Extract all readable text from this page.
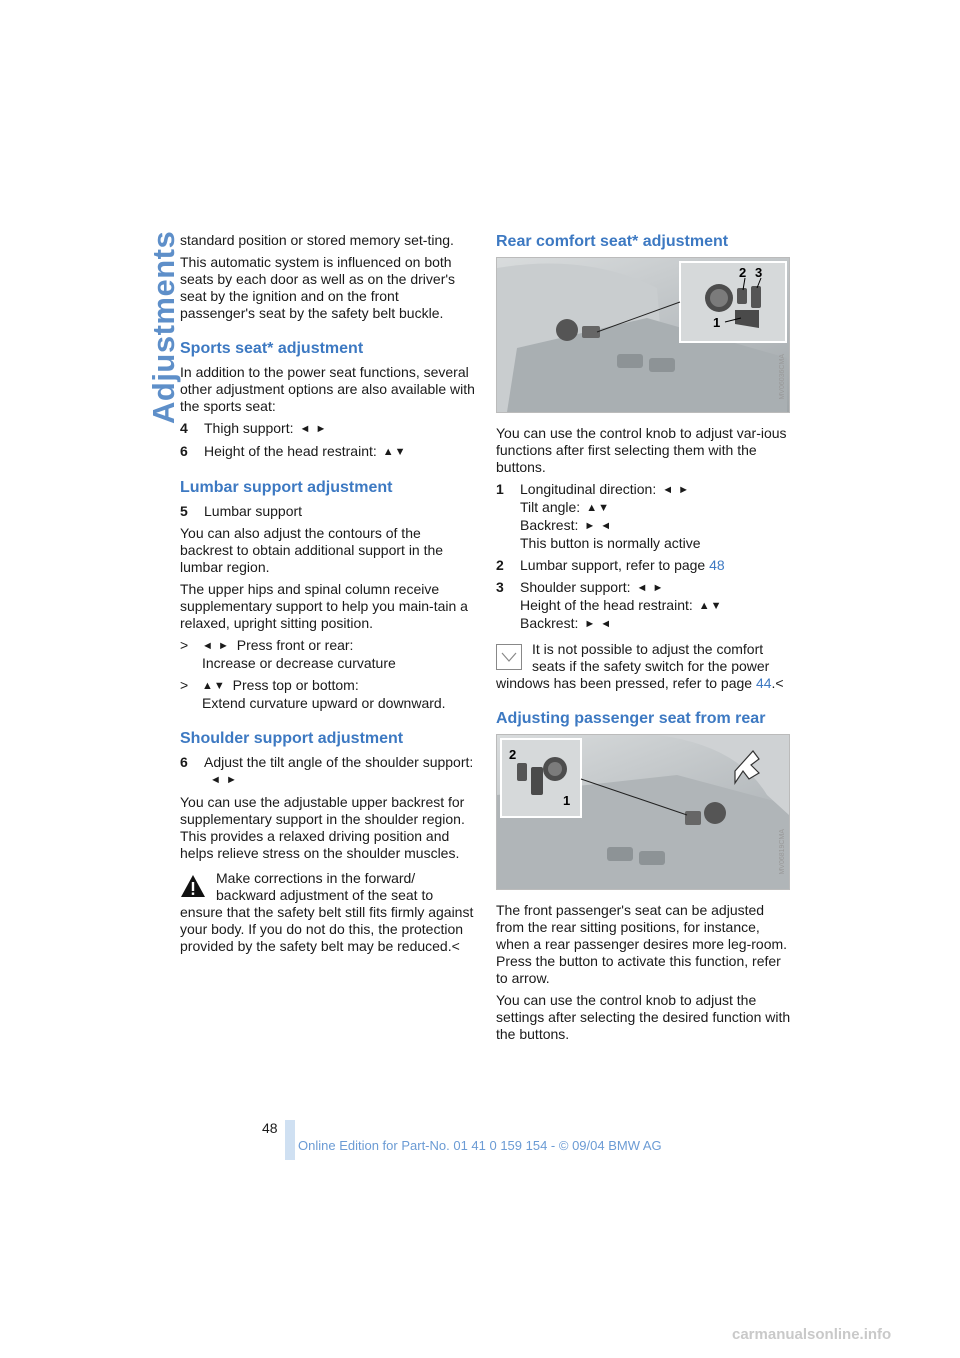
Adjustments standard position or stored memory set-ting.

This automatic system is influenced on both seats by each door as well as on the driver's seat by the ignition and on the front passenger's seat by the safety belt buckle.

Sports seat* adjustment

In addition to the power seat functions, several other adjustment options are also available with the sports seat:

4	Thigh support: ◄ ►
6	Height of the head restraint: ▲▼
Lumbar support adjustment
5	Lumbar support

You can also adjust the contours of the backrest to obtain additional support in the lumbar region.

The upper hips and spinal column receive supplementary support to help you main-tain a relaxed, upright sitting position.

>	◄ ► Press front or rear:
Increase or decrease curvature
>	▲▼ Press top or bottom:
Extend curvature upward or downward.
Shoulder support adjustment
6	Adjust the tilt angle of the shoulder support:◄ ►

You can use the adjustable upper backrest for supplementary support in the shoulder region. This provides a relaxed driving position and helps relieve stress on the shoulder muscles.

Make corrections in the forward/ backward adjustment of the seat to ensure that the safety belt still fits firmly against your body. If you do not do this, the protection provided by the safety belt may be reduced.<
Rear comfort seat* adjustment
2 3
1
MV06036CMA

You can use the control knob to adjust var-ious functions after first selecting them with the buttons.

1	Longitudinal direction: ◄ ►
Tilt angle: ▲▼
Backrest: ► ◄
This button is normally active
2	Lumbar support, refer to page 48
3	Shoulder support: ◄ ►
Height of the head restraint: ▲▼
Backrest: ► ◄
It is not possible to adjust the comfort seats if the safety switch for the power windows has been pressed, refer to page 44.<
Adjusting passenger seat from rear
2
1
MV06819CMA

The front passenger's seat can be adjusted from the rear sitting positions, for instance, when a rear passenger desires more leg-room.
Press the button to activate this function, refer to arrow.

You can use the control knob to adjust the settings after selecting the desired function with the buttons.

48
Online Edition for Part-No. 01 41 0 159 154 - © 09/04 BMW AG
carmanualsonline.info
